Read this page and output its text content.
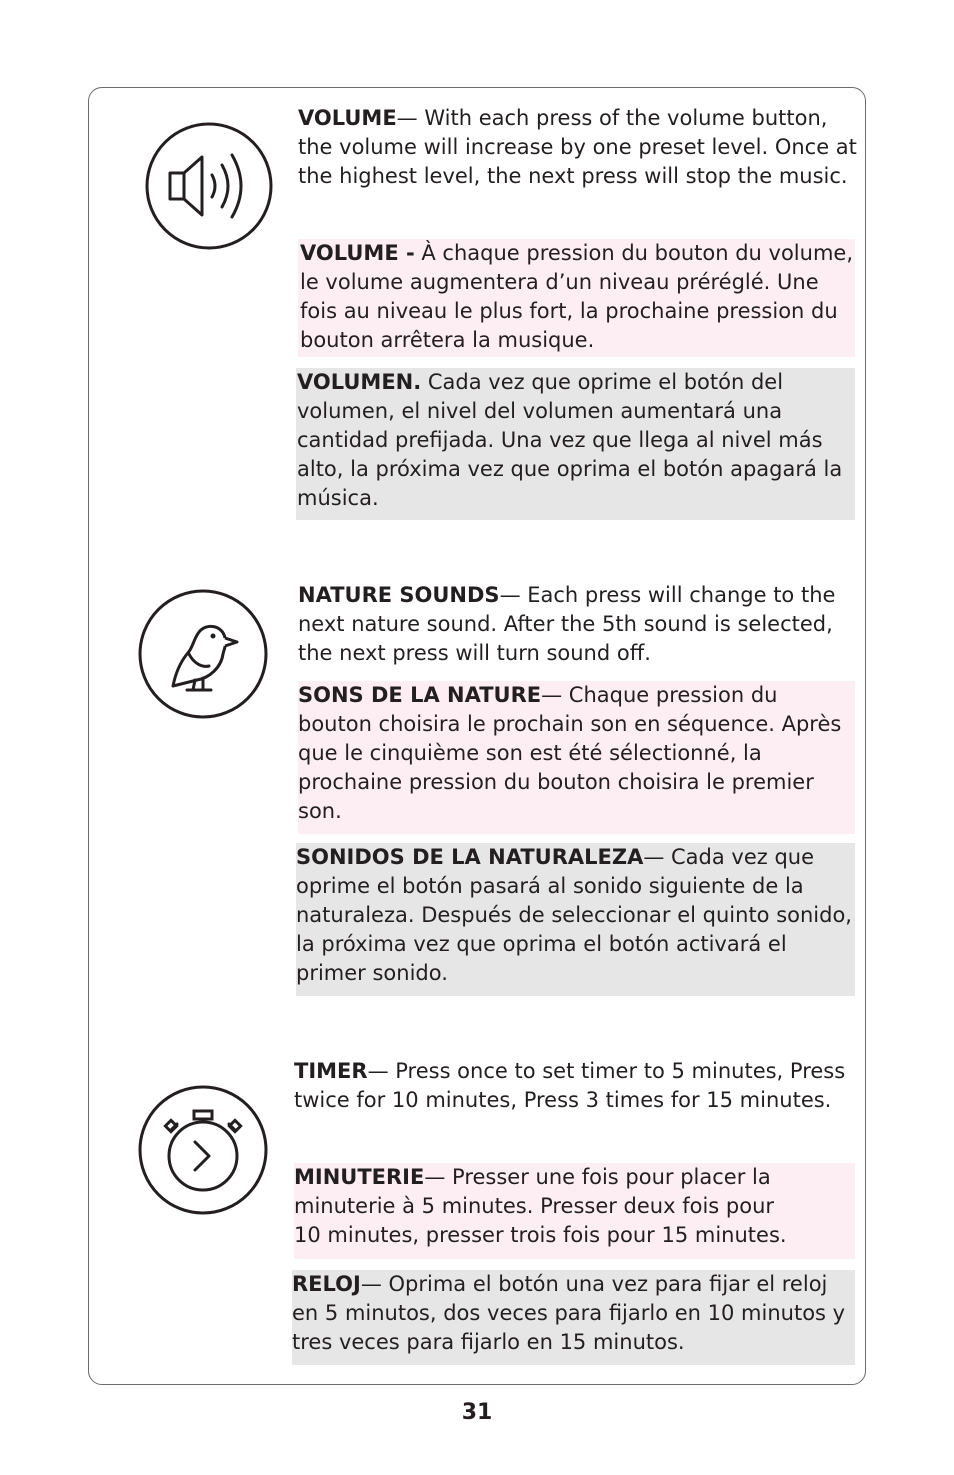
VOLUME— With each press of the volume button, the volume will increase by one preset level. Once at the highest level, the next press will stop the music.

VOLUME - À chaque pression du bouton du volume, le volume augmentera d’un niveau préréglé. Une fois au niveau le plus fort, la prochaine pression du bouton arrêtera la musique.

VOLUMEN. Cada vez que oprime el botón del volumen, el nivel del volumen aumentará una cantidad prefijada. Una vez que llega al nivel más alto, la próxima vez que oprima el botón apagará la música.

NATURE SOUNDS— Each press will change to the next nature sound. After the 5th sound is selected, the next press will turn sound off.

SONS DE LA NATURE— Chaque pression du bouton choisira le prochain son en séquence. Après que le cinquième son est été sélectionné, la prochaine pression du bouton choisira le premier son.

SONIDOS DE LA NATURALEZA— Cada vez que oprime el botón pasará al sonido siguiente de la naturaleza. Después de seleccionar el quinto sonido, la próxima vez que oprima el botón activará el primer sonido.

TIMER— Press once to set timer to 5 minutes, Press twice for 10 minutes, Press 3 times for 15 minutes.

MINUTERIE— Presser une fois pour placer la minuterie à 5 minutes. Presser deux fois pour 10 minutes, presser trois fois pour 15 minutes.

RELOJ— Oprima el botón una vez para fijar el reloj en 5 minutos, dos veces para fijarlo en 10 minutos y tres veces para fijarlo en 15 minutos.

31
